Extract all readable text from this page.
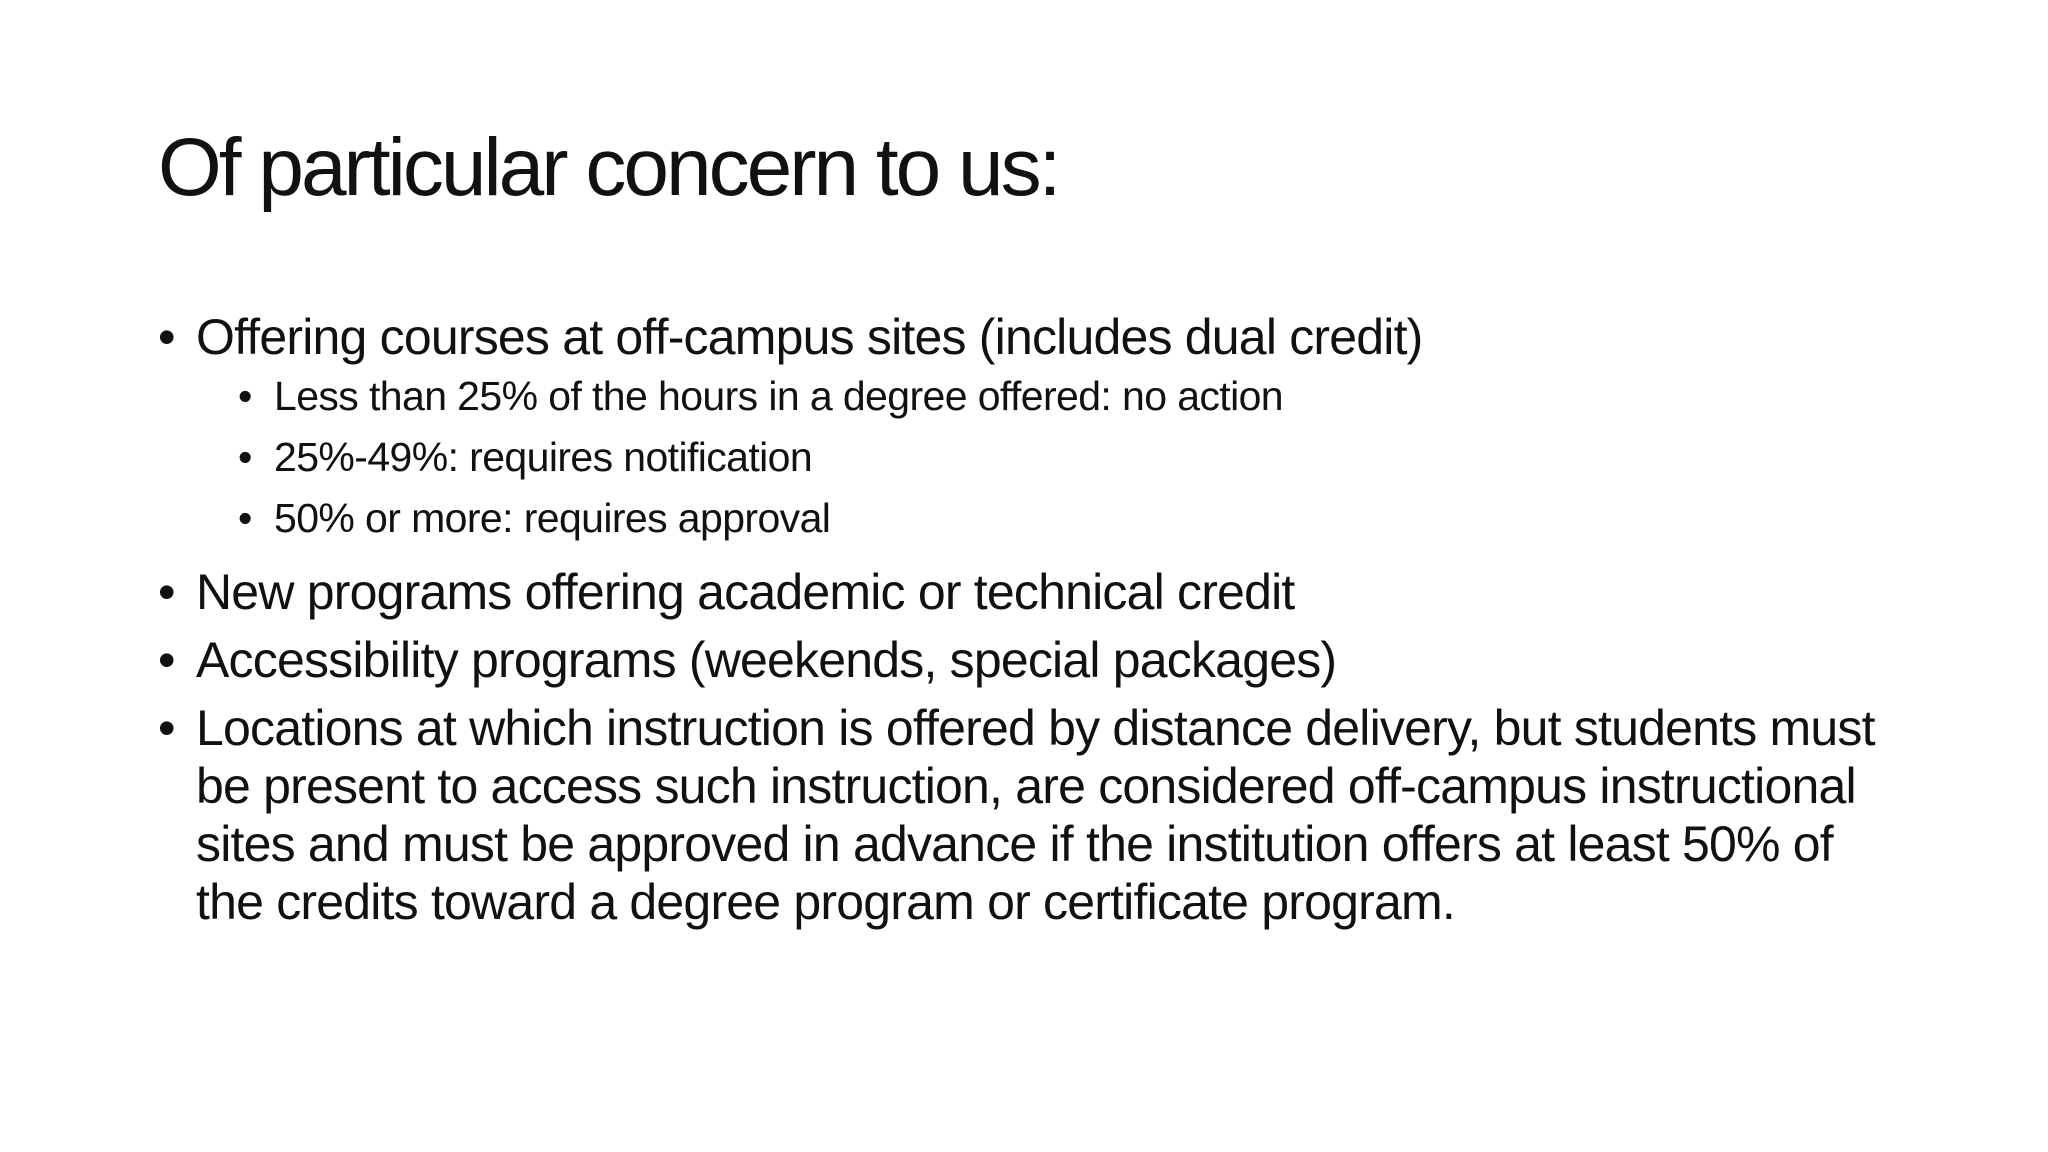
Of particular concern to us:
• Offering courses at off-campus sites (includes dual credit)
• Less than 25% of the hours in a degree offered: no action
• 25%-49%: requires notification
• 50% or more: requires approval
• New programs offering academic or technical credit
• Accessibility programs (weekends, special packages)
• Locations at which instruction is offered by distance delivery, but students must be present to access such instruction, are considered off-campus instructional sites and must be approved in advance if the institution offers at least 50% of the credits toward a degree program or certificate program.
